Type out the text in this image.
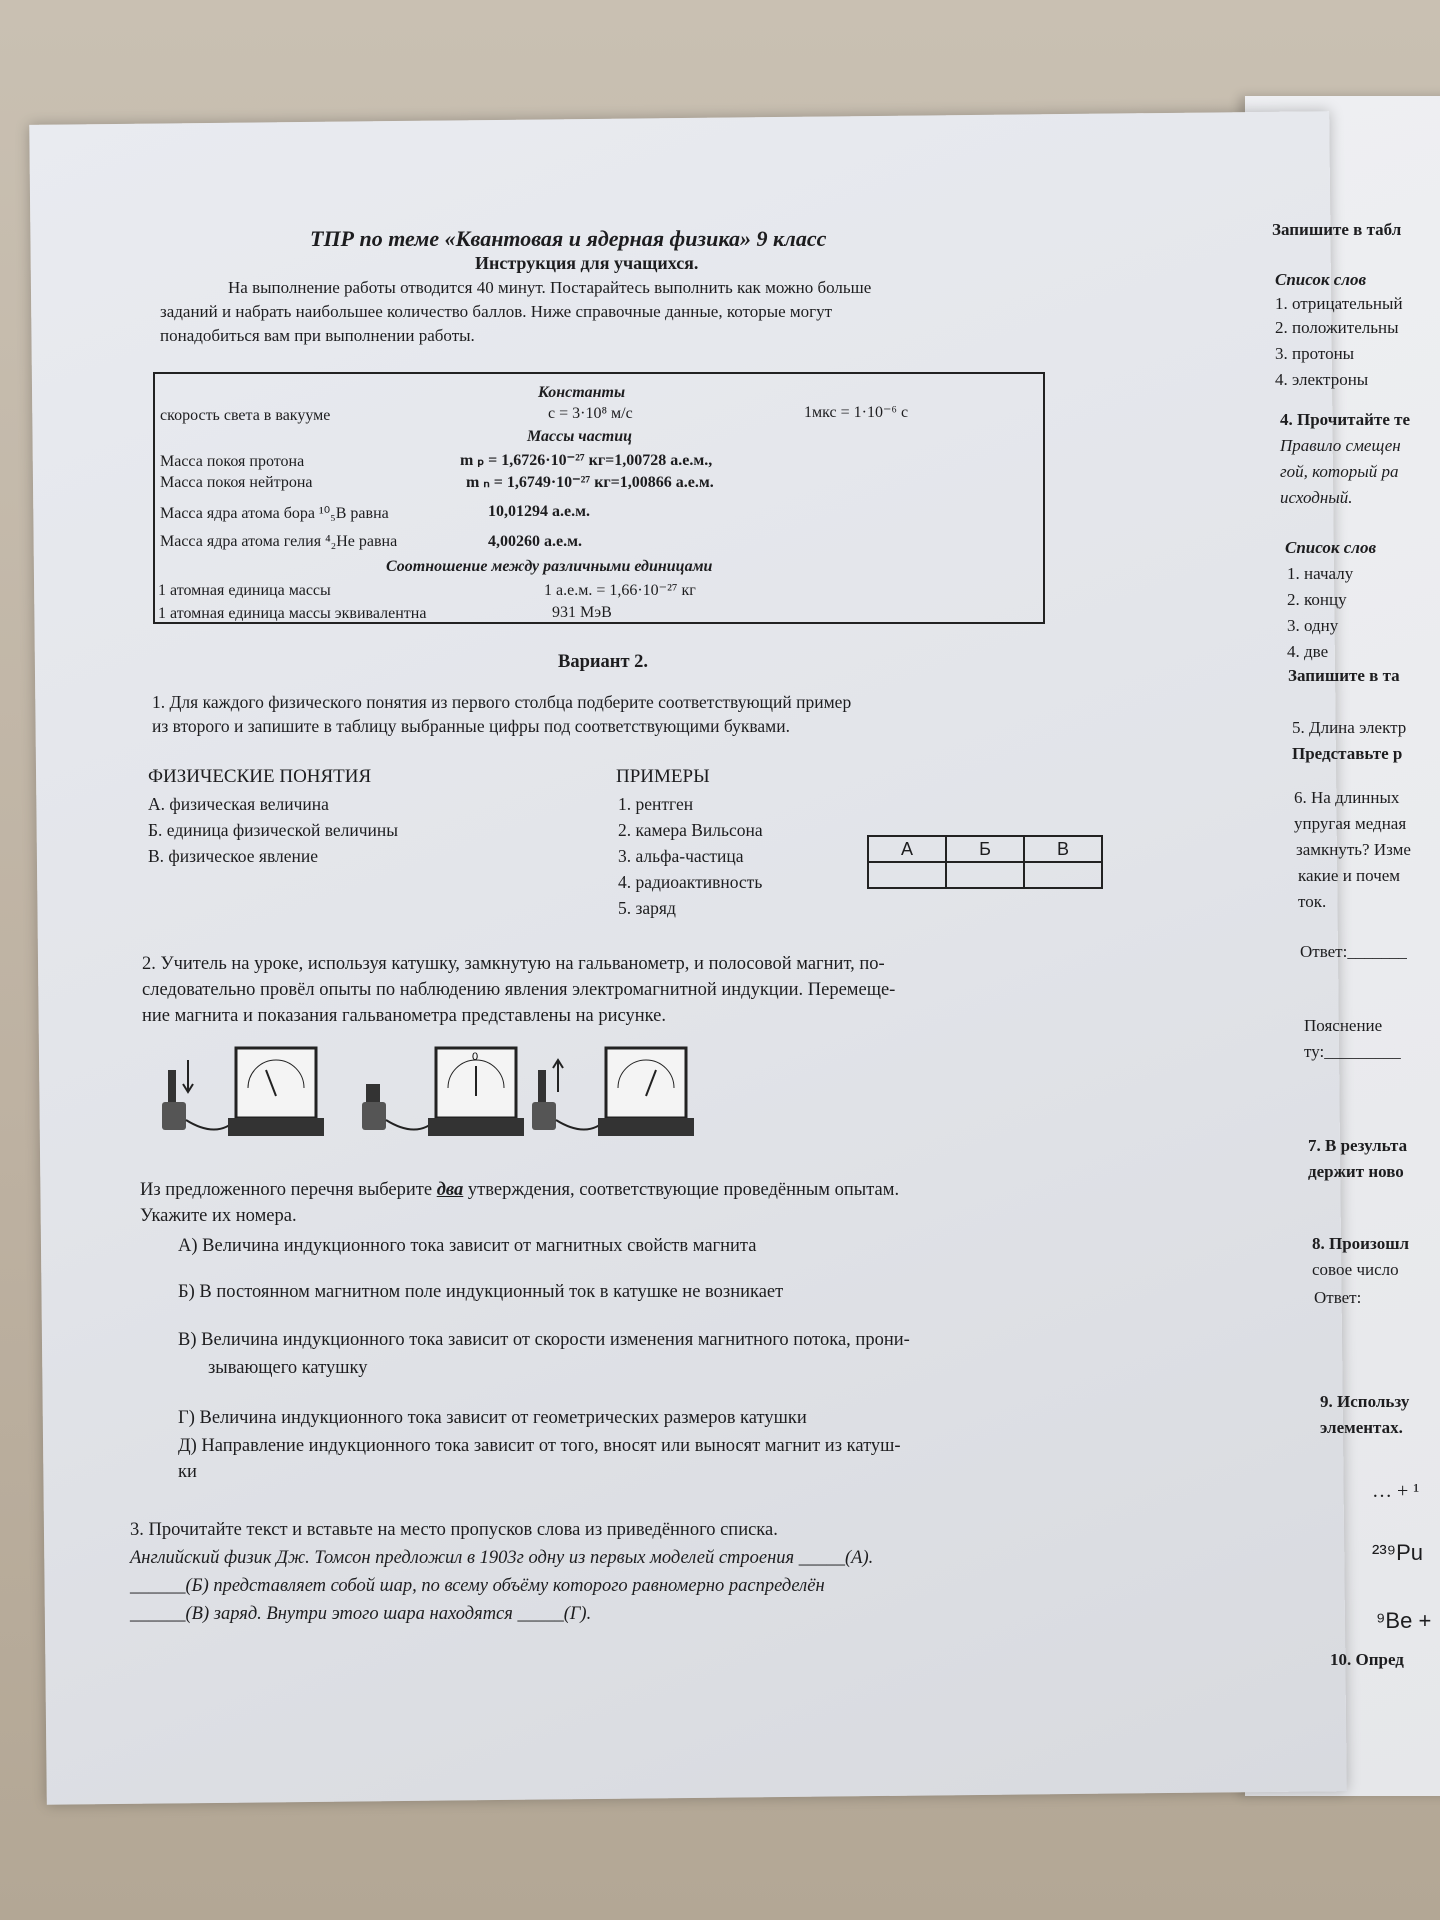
ТПР по теме «Квантовая и ядерная физика» 9 класс
Инструкция для учащихся.
На выполнение работы отводится 40 минут. Постарайтесь выполнить как можно больше
заданий и набрать наибольшее количество баллов. Ниже справочные данные, которые могут
понадобиться вам при выполнении работы.
Константы
скорость света в вакууме	c = 3·10⁸ м/с	1мкс = 1·10⁻⁶ с
Массы частиц
Масса покоя протона	m ₚ = 1,6726·10⁻²⁷ кг=1,00728 а.е.м.,
Масса покоя нейтрона	m ₙ = 1,6749·10⁻²⁷ кг=1,00866 а.е.м.
Масса ядра атома бора ¹⁰₅B равна	10,01294 а.е.м.
Масса ядра атома гелия ⁴₂He равна	4,00260 а.е.м.
Соотношение между различными единицами
1 атомная единица массы	1 а.е.м. = 1,66·10⁻²⁷ кг
1 атомная единица массы эквивалентна	931 МэВ
Вариант 2.
1. Для каждого физического понятия из первого столбца подберите соответствующий пример
из второго и запишите в таблицу выбранные цифры под соответствующими буквами.
ФИЗИЧЕСКИЕ ПОНЯТИЯ
А. физическая величина
Б. единица физической величины
В. физическое явление
ПРИМЕРЫ
1. рентген
2. камера Вильсона
3. альфа-частица
4. радиоактивность
5. заряд
А	Б	В

2. Учитель на уроке, используя катушку, замкнутую на гальванометр, и полосовой магнит, по-
следовательно провёл опыты по наблюдению явления электромагнитной индукции. Перемеще-
ние магнита и показания гальванометра представлены на рисунке.
0
Из предложенного перечня выберите два утверждения, соответствующие проведённым опытам.
Укажите их номера.
А) Величина индукционного тока зависит от магнитных свойств магнита
Б) В постоянном магнитном поле индукционный ток в катушке не возникает
В) Величина индукционного тока зависит от скорости изменения магнитного потока, прони-
зывающего катушку
Г) Величина индукционного тока зависит от геометрических размеров катушки
Д) Направление индукционного тока зависит от того, вносят или выносят магнит из катуш-
ки
3. Прочитайте текст и вставьте на место пропусков слова из приведённого списка.
Английский физик Дж. Томсон предложил в 1903г одну из первых моделей строения _____(А).
______(Б) представляет собой шар, по всему объёму которого равномерно распределён
______(В) заряд. Внутри этого шара находятся _____(Г).
Запишите в табл
Список слов
1. отрицательный
2. положительны
3. протоны
4. электроны
4. Прочитайте те
Правило смещен
гой, который ра
исходный.
Список слов
1. началу
2. концу
3. одну
4. две
Запишите в та
5. Длина электр
Представьте р
6. На длинных
упругая медная
замкнуть? Изме
какие и почем
ток.
Ответ:_______
Пояснение
ту:_________
7. В результа
держит ново
8. Произошл
совое число
Ответ:
9. Использу
элементах.
… + ¹
²³⁹Pu
⁹Be +
10. Опред
